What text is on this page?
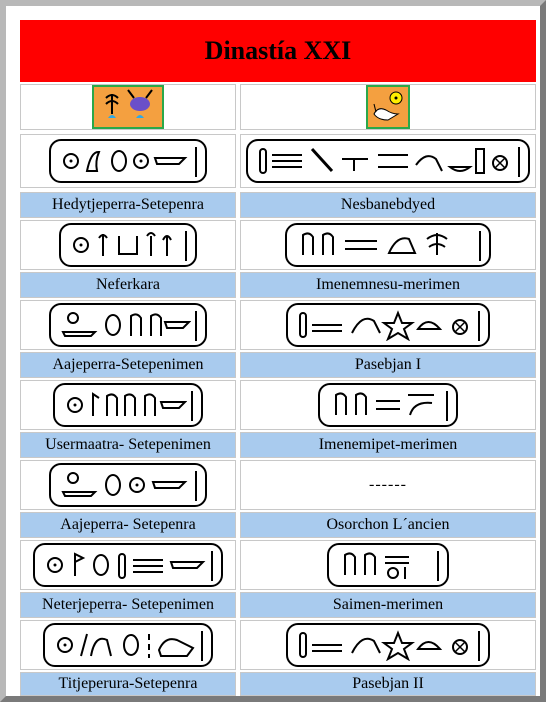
Dinastía XXI
Hedytjeperra-Setepenra	Nesbanebdyed
Neferkara	Imenemnesu-merimen
Aajeperra-Setepenimen	Pasebjan I
Usermaatra- Setepenimen	Imenemipet-merimen
------
Aajeperra- Setepenra	Osorchon L´ancien
Neterjeperra- Setepenimen	Saimen-merimen
Titjeperura-Setepenra	Pasebjan II
